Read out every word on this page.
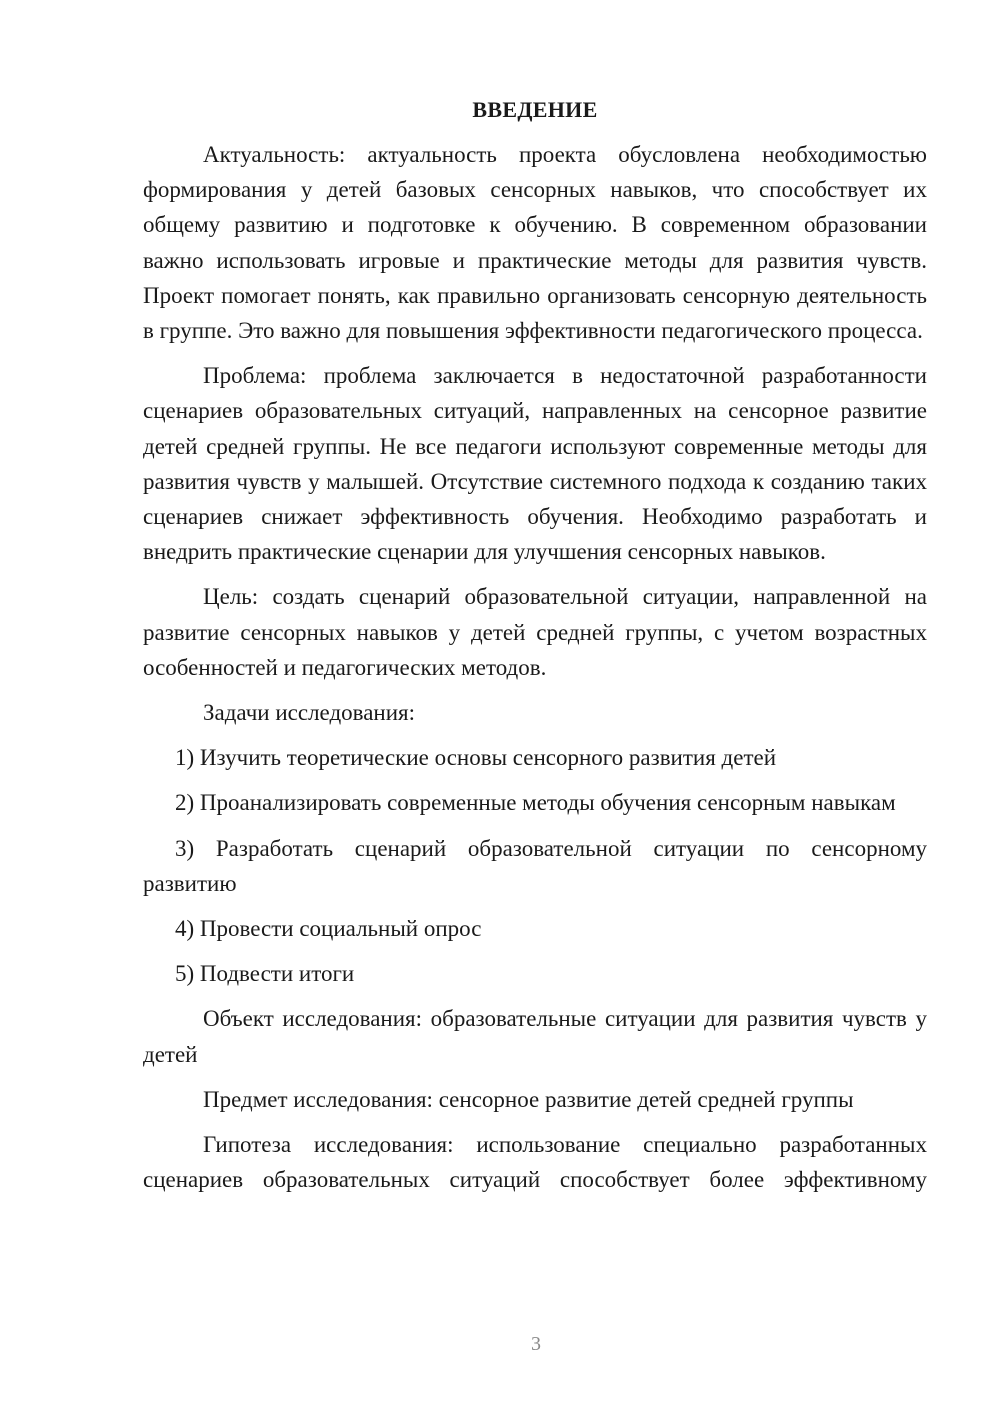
ВВЕДЕНИЕ

Актуальность: актуальность проекта обусловлена необходимостью формирования у детей базовых сенсорных навыков, что способствует их общему развитию и подготовке к обучению. В современном образовании важно использовать игровые и практические методы для развития чувств. Проект помогает понять, как правильно организовать сенсорную деятельность в группе. Это важно для повышения эффективности педагогического процесса.

Проблема: проблема заключается в недостаточной разработанности сценариев образовательных ситуаций, направленных на сенсорное развитие детей средней группы. Не все педагоги используют современные методы для развития чувств у малышей. Отсутствие системного подхода к созданию таких сценариев снижает эффективность обучения. Необходимо разработать и внедрить практические сценарии для улучшения сенсорных навыков.

Цель: создать сценарий образовательной ситуации, направленной на развитие сенсорных навыков у детей средней группы, с учетом возрастных особенностей и педагогических методов.

Задачи исследования:

1) Изучить теоретические основы сенсорного развития детей

2) Проанализировать современные методы обучения сенсорным навыкам

3) Разработать сценарий образовательной ситуации по сенсорному развитию

4) Провести социальный опрос

5) Подвести итоги

Объект исследования: образовательные ситуации для развития чувств у детей

Предмет исследования: сенсорное развитие детей средней группы

Гипотеза исследования: использование специально разработанных сценариев образовательных ситуаций способствует более эффективному

3
